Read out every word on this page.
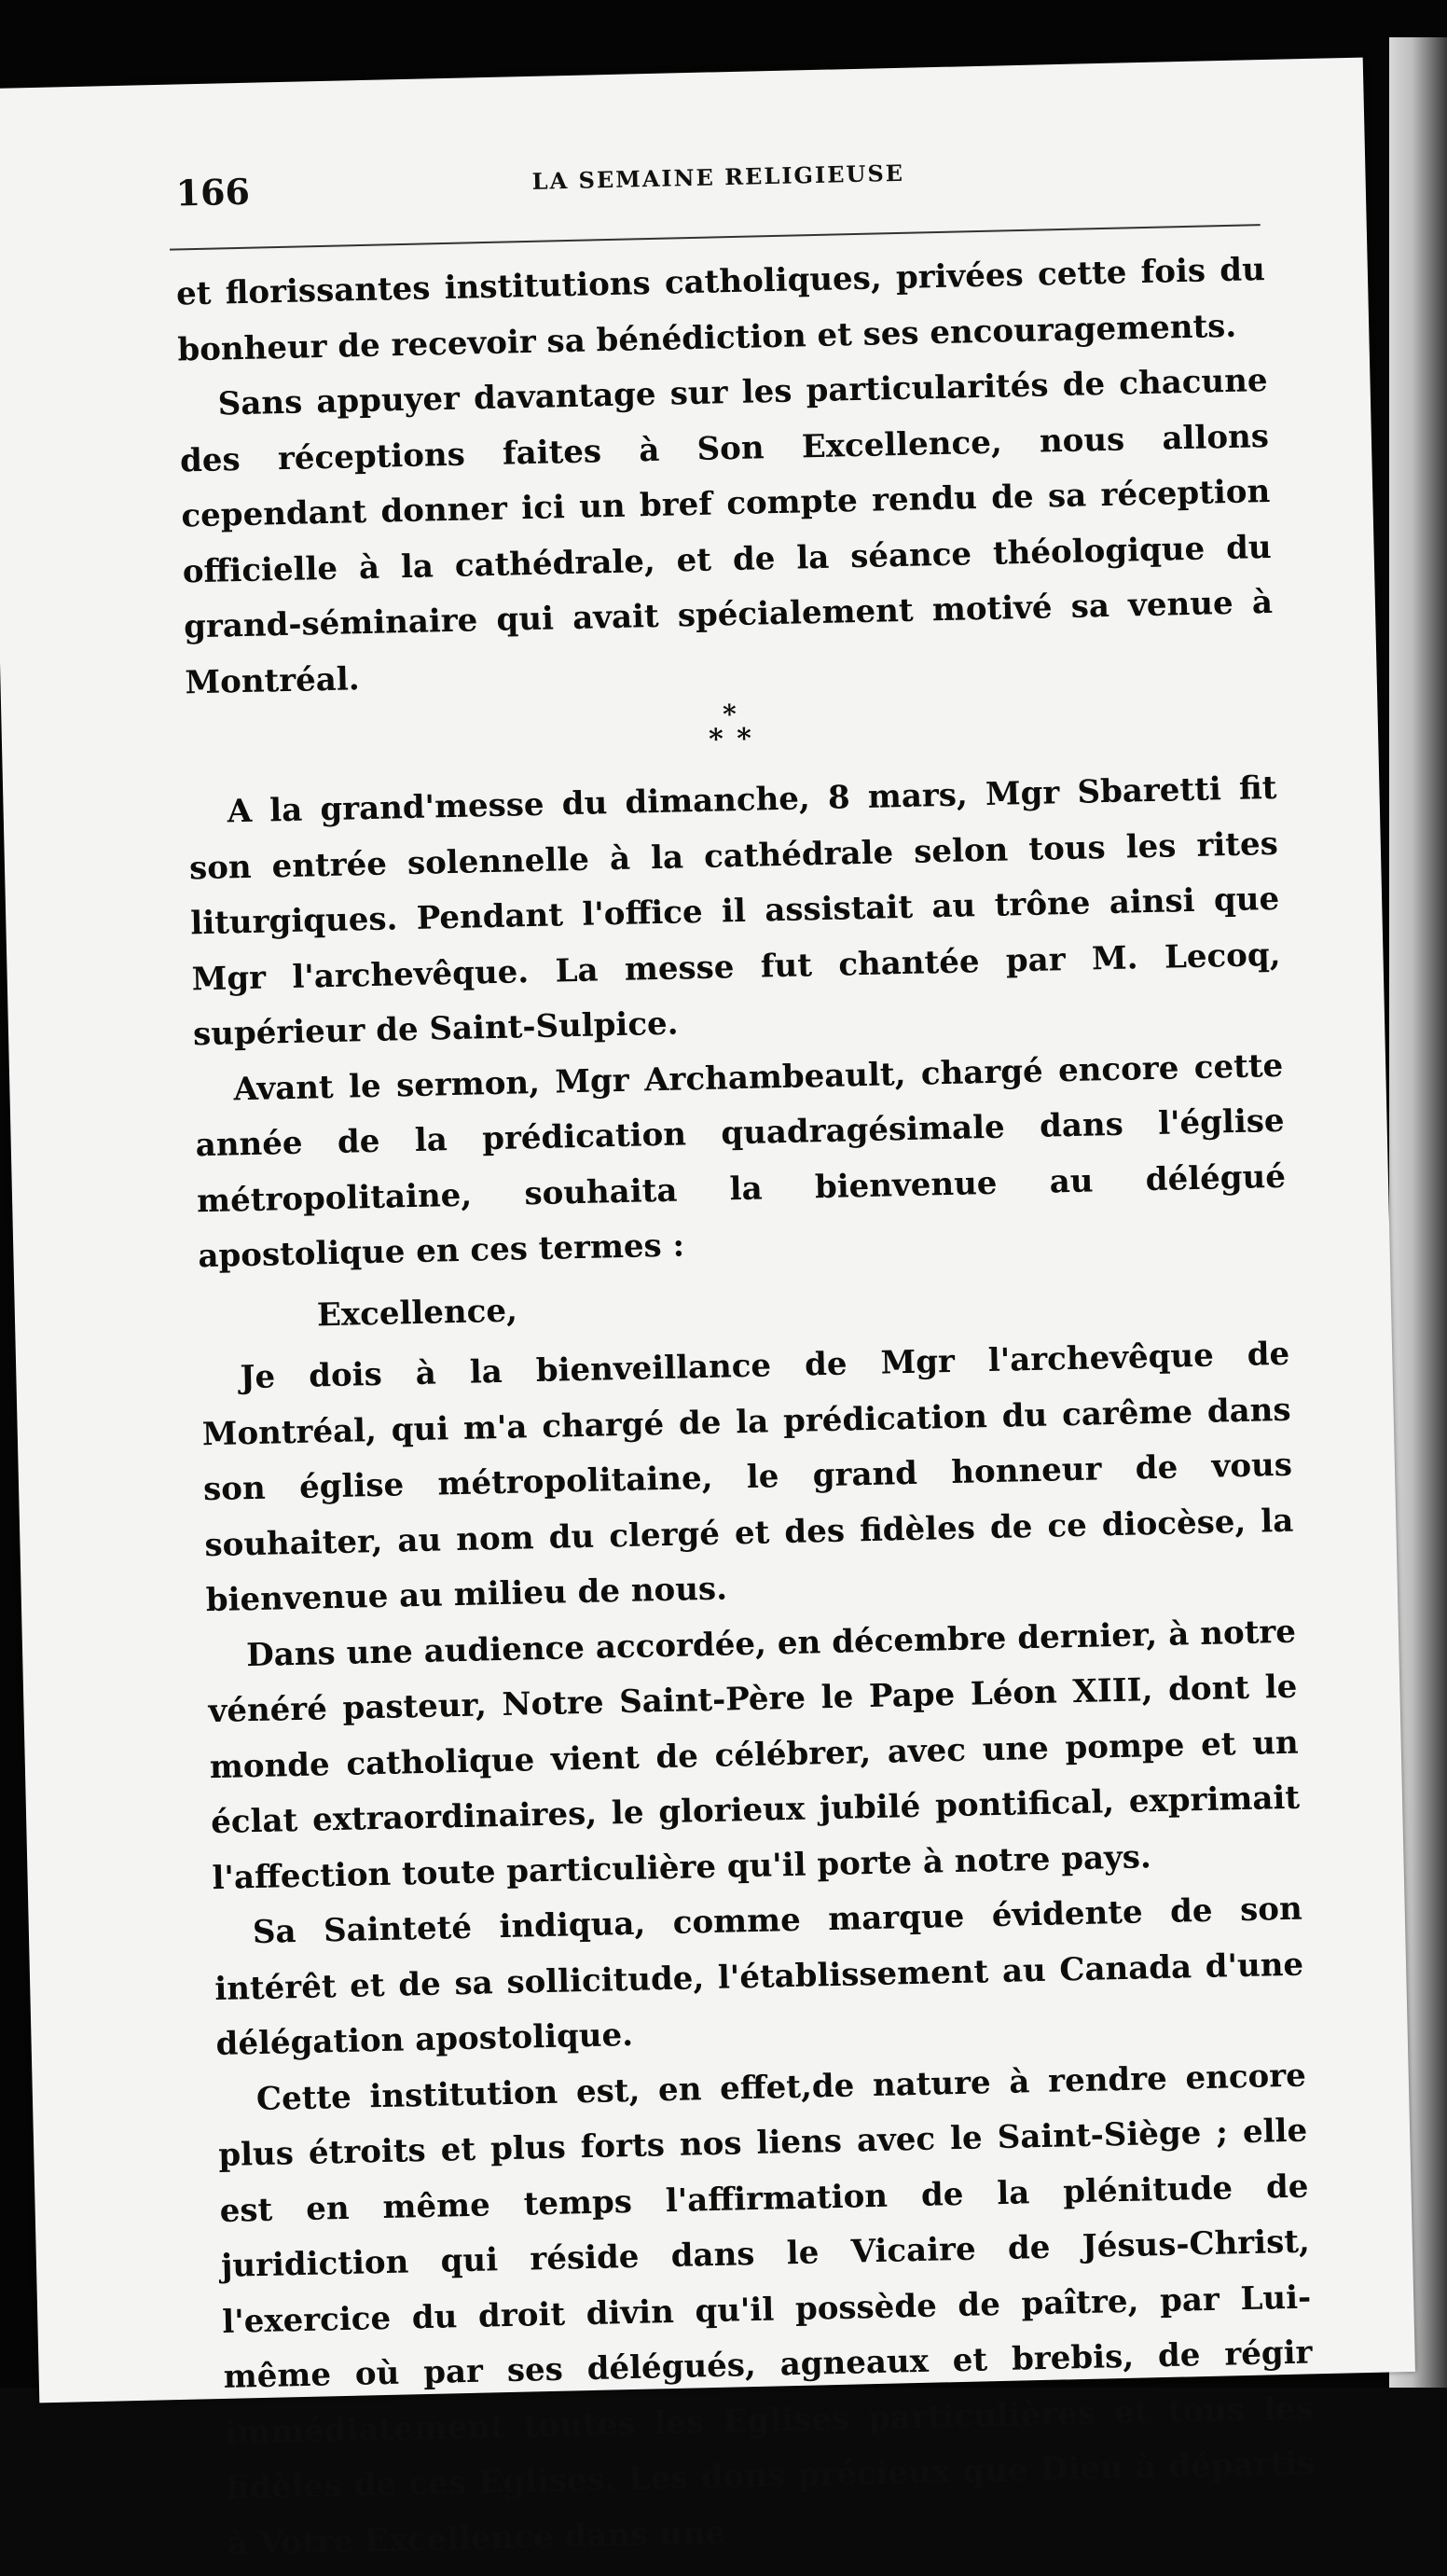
166	LA SEMAINE RELIGIEUSE

et florissantes institutions catholiques, privées cette fois du bonheur de recevoir sa bénédiction et ses encouragements.

Sans appuyer davantage sur les particularités de chacune des réceptions faites à Son Excellence, nous allons cependant donner ici un bref compte rendu de sa réception officielle à la cathédrale, et de la séance théologique du grand-séminaire qui avait spécialement motivé sa venue à Montréal.

*
* *

A la grand'messe du dimanche, 8 mars, Mgr Sbaretti fit son entrée solennelle à la cathédrale selon tous les rites liturgiques. Pendant l'office il assistait au trône ainsi que Mgr l'archevêque. La messe fut chantée par M. Lecoq, supérieur de Saint-Sulpice.

Avant le sermon, Mgr Archambeault, chargé encore cette année de la prédication quadragésimale dans l'église métropolitaine, souhaita la bienvenue au délégué apostolique en ces termes :

Excellence,

Je dois à la bienveillance de Mgr l'archevêque de Montréal, qui m'a chargé de la prédication du carême dans son église métropolitaine, le grand honneur de vous souhaiter, au nom du clergé et des fidèles de ce diocèse, la bienvenue au milieu de nous.

Dans une audience accordée, en décembre dernier, à notre vénéré pasteur, Notre Saint-Père le Pape Léon XIII, dont le monde catholique vient de célébrer, avec une pompe et un éclat extraordinaires, le glorieux jubilé pontifical, exprimait l'affection toute particulière qu'il porte à notre pays.

Sa Sainteté indiqua, comme marque évidente de son intérêt et de sa sollicitude, l'établissement au Canada d'une délégation apostolique.

Cette institution est, en effet,de nature à rendre encore plus étroits et plus forts nos liens avec le Saint-Siège ; elle est en même temps l'affirmation de la plénitude de juridiction qui réside dans le Vicaire de Jésus-Christ, l'exercice du droit divin qu'il possède de paître, par Lui-même où par ses délégués, agneaux et brebis, de régir immédiatement toutes les Eglises particulières et tous les fidèles de ces Eglises. Les dons précieux que Dieu à départis à Votre Excellence dans une
